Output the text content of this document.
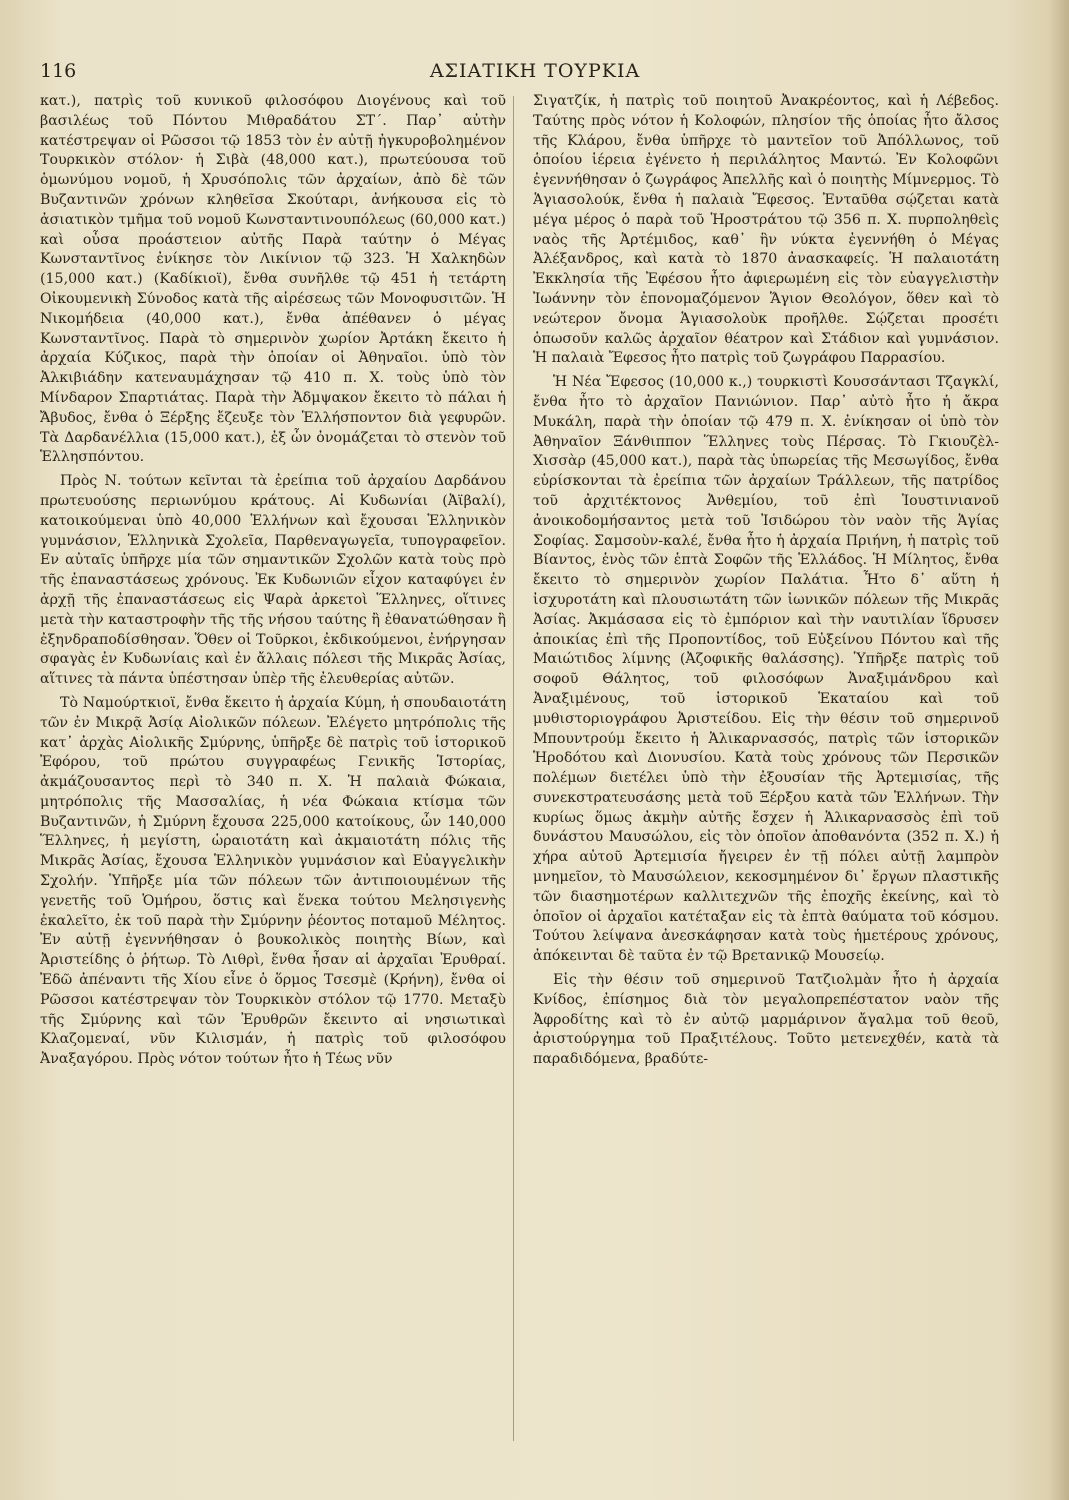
116	ΑΣΙΑΤΙΚΗ ΤΟΥΡΚΙΑ

κατ.), πατρὶς τοῦ κυνικοῦ φιλοσόφου Διογένους καὶ τοῦ βασιλέως τοῦ Πόντου Μιθραδάτου ΣΤ΄. Παρ᾿ αὐτὴν κατέστρεψαν οἱ Ρῶσσοι τῷ 1853 τὸν ἐν αὐτῇ ἠγκυροβολημένον Τουρκικὸν στόλον· ἡ Σιβὰ (48,000 κατ.), πρωτεύουσα τοῦ ὁμωνύμου νομοῦ, ἡ Χρυσόπολις τῶν ἀρχαίων, ἀπὸ δὲ τῶν Βυζαντινῶν χρόνων κληθεῖσα Σκούταρι, ἀνήκουσα εἰς τὸ ἀσιατικὸν τμῆμα τοῦ νομοῦ Κωνσταντινουπόλεως (60,000 κατ.) καὶ οὖσα προάστειον αὐτῆς Παρὰ ταύτην ὁ Μέγας Κωνσταντῖνος ἐνίκησε τὸν Λικίνιον τῷ 323. Ἡ Χαλκηδὼν (15,000 κατ.) (Καδίκιοϊ), ἔνθα συνῆλθε τῷ 451 ἡ τετάρτη Οἰκουμενικὴ Σύνοδος κατὰ τῆς αἱρέσεως τῶν Μονοφυσιτῶν. Ἡ Νικομήδεια (40,000 κατ.), ἔνθα ἀπέθανεν ὁ μέγας Κωνσταντῖνος. Παρὰ τὸ σημερινὸν χωρίον Ἀρτάκη ἔκειτο ἡ ἀρχαία Κύζικος, παρὰ τὴν ὁποίαν οἱ Ἀθηναῖοι. ὑπὸ τὸν Ἀλκιβιάδην κατεναυμάχησαν τῷ 410 π. Χ. τοὺς ὑπὸ τὸν Μίνδαρον Σπαρτιάτας. Παρὰ τὴν Ἀδμψακον ἔκειτο τὸ πάλαι ἡ Ἄβυδος, ἔνθα ὁ Ξέρξης ἔζευξε τὸν Ἑλλήσποντον διὰ γεφυρῶν. Τὰ Δαρδανέλλια (15,000 κατ.), ἐξ ὧν ὀνομάζεται τὸ στενὸν τοῦ Ἑλλησπόντου.

Πρὸς Ν. τούτων κεῖνται τὰ ἐρείπια τοῦ ἀρχαίου Δαρδάνου πρωτευούσης περιωνύμου κράτους. Αἱ Κυδωνίαι (Ἀϊβαλί), κατοικούμεναι ὑπὸ 40,000 Ἑλλήνων καὶ ἔχουσαι Ἑλληνικὸν γυμνάσιον, Ἑλληνικὰ Σχολεῖα, Παρθεναγωγεῖα, τυπογραφεῖον. Εν αὐταῖς ὑπῆρχε μία τῶν σημαντικῶν Σχολῶν κατὰ τοὺς πρὸ τῆς ἐπαναστάσεως χρόνους. Ἐκ Κυδωνιῶν εἶχον καταφύγει ἐν ἀρχῇ τῆς ἐπαναστάσεως εἰς Ψαρὰ ἀρκετοὶ Ἕλληνες, οἵτινες μετὰ τὴν καταστροφὴν τῆς τῆς νήσου ταύτης ἢ ἐθανατώθησαν ἢ ἐξηνδραποδίσθησαν. Ὅθεν οἱ Τοῦρκοι, ἐκδικούμενοι, ἐνήργησαν σφαγὰς ἐν Κυδωνίαις καὶ ἐν ἄλλαις πόλεσι τῆς Μικρᾶς Ἀσίας, αἵτινες τὰ πάντα ὑπέστησαν ὑπὲρ τῆς ἐλευθερίας αὐτῶν.

Τὸ Ναμούρτκιοϊ, ἔνθα ἔκειτο ἡ ἀρχαία Κύμη, ἡ σπουδαιοτάτη τῶν ἐν Μικρᾷ Ἀσίᾳ Αἰολικῶν πόλεων. Ἐλέγετο μητρόπολις τῆς κατ᾿ ἀρχὰς Αἰολικῆς Σμύρνης, ὑπῆρξε δὲ πατρὶς τοῦ ἱστορικοῦ Ἐφόρου, τοῦ πρώτου συγγραφέως Γενικῆς Ἱστορίας, ἀκμάζουσαντος περὶ τὸ 340 π. Χ. Ἡ παλαιὰ Φώκαια, μητρόπολις τῆς Μασσαλίας, ἡ νέα Φώκαια κτίσμα τῶν Βυζαντινῶν, ἡ Σμύρνη ἔχουσα 225,000 κατοίκους, ὧν 140,000 Ἕλληνες, ἡ μεγίστη, ὡραιοτάτη καὶ ἀκμαιοτάτη πόλις τῆς Μικρᾶς Ἀσίας, ἔχουσα Ἑλληνικὸν γυμνάσιον καὶ Εὐαγγελικὴν Σχολήν. Ὑπῆρξε μία τῶν πόλεων τῶν ἀντιποιουμένων τῆς γενετῆς τοῦ Ὁμήρου, ὅστις καὶ ἕνεκα τούτου Μελησιγενὴς ἐκαλεῖτο, ἐκ τοῦ παρὰ τὴν Σμύρνην ῥέοντος ποταμοῦ Μέλητος. Ἐν αὐτῇ ἐγεννήθησαν ὁ βουκολικὸς ποιητὴς Βίων, καὶ Ἀριστείδης ὁ ῥήτωρ. Τὸ Λιθρὶ, ἔνθα ἦσαν αἱ ἀρχαῖαι Ἐρυθραί. Ἐδῶ ἀπέναντι τῆς Χίου εἶνε ὁ ὅρμος Τσεσμὲ (Κρήνη), ἔνθα οἱ Ρῶσσοι κατέστρεψαν τὸν Τουρκικὸν στόλον τῷ 1770. Μεταξὺ τῆς Σμύρνης καὶ τῶν Ἐρυθρῶν ἔκειντο αἱ νησιωτικαὶ Κλαζομεναί, νῦν Κιλισμάν, ἡ πατρὶς τοῦ φιλοσόφου Ἀναξαγόρου. Πρὸς νότον τούτων ἦτο ἡ Τέως νῦν

Σιγατζίκ, ἡ πατρὶς τοῦ ποιητοῦ Ἀνακρέοντος, καὶ ἡ Λέβεδος. Ταύτης πρὸς νότον ἡ Κολοφών, πλησίον τῆς ὁποίας ἦτο ἄλσος τῆς Κλάρου, ἔνθα ὑπῆρχε τὸ μαντεῖον τοῦ Ἀπόλλωνος, τοῦ ὁποίου ἱέρεια ἐγένετο ἡ περιλάλητος Μαντώ. Ἐν Κολοφῶνι ἐγεννήθησαν ὁ ζωγράφος Ἀπελλῆς καὶ ὁ ποιητὴς Μίμνερμος. Τὸ Ἁγιασολούκ, ἔνθα ἡ παλαιὰ Ἔφεσος. Ἐνταῦθα σῴζεται κατὰ μέγα μέρος ὁ παρὰ τοῦ Ἡροστράτου τῷ 356 π. Χ. πυρποληθεὶς ναὸς τῆς Ἀρτέμιδος, καθ᾿ ἣν νύκτα ἐγεννήθη ὁ Μέγας Ἀλέξανδρος, καὶ κατὰ τὸ 1870 ἀνασκαφείς. Ἡ παλαιοτάτη Ἐκκλησία τῆς Ἐφέσου ἦτο ἀφιερωμένη εἰς τὸν εὐαγγελιστὴν Ἰωάννην τὸν ἐπονομαζόμενον Ἅγιον Θεολόγον, ὅθεν καὶ τὸ νεώτερον ὄνομα Ἁγιασολοὺκ προῆλθε. Σῴζεται προσέτι ὁπωσοῦν καλῶς ἀρχαῖον θέατρον καὶ Στάδιον καὶ γυμνάσιον. Ἡ παλαιὰ Ἔφεσος ἦτο πατρὶς τοῦ ζωγράφου Παρρασίου.

Ἡ Νέα Ἔφεσος (10,000 κ.,) τουρκιστὶ Κουσσάντασι Τζαγκλί, ἔνθα ἦτο τὸ ἀρχαῖον Πανιώνιον. Παρ᾿ αὐτὸ ἦτο ἡ ἄκρα Μυκάλη, παρὰ τὴν ὁποίαν τῷ 479 π. Χ. ἐνίκησαν οἱ ὑπὸ τὸν Ἀθηναῖον Ξάνθιππον Ἕλληνες τοὺς Πέρσας. Τὸ Γκιουζὲλ-Χισσὰρ (45,000 κατ.), παρὰ τὰς ὑπωρείας τῆς Μεσωγίδος, ἔνθα εὑρίσκονται τὰ ἐρείπια τῶν ἀρχαίων Τράλλεων, τῆς πατρίδος τοῦ ἀρχιτέκτονος Ἀνθεμίου, τοῦ ἐπὶ Ἰουστινιανοῦ ἀνοικοδομήσαντος μετὰ τοῦ Ἰσιδώρου τὸν ναὸν τῆς Ἁγίας Σοφίας. Σαμσοὺν-καλέ, ἔνθα ἦτο ἡ ἀρχαία Πριήνη, ἡ πατρὶς τοῦ Βίαντος, ἑνὸς τῶν ἑπτὰ Σοφῶν τῆς Ἑλλάδος. Ἡ Μίλητος, ἔνθα ἔκειτο τὸ σημερινὸν χωρίον Παλάτια. Ἦτο δ᾿ αὕτη ἡ ἰσχυροτάτη καὶ πλουσιωτάτη τῶν ἰωνικῶν πόλεων τῆς Μικρᾶς Ἀσίας. Ἀκμάσασα εἰς τὸ ἐμπόριον καὶ τὴν ναυτιλίαν ἵδρυσεν ἀποικίας ἐπὶ τῆς Προποντίδος, τοῦ Εὐξείνου Πόντου καὶ τῆς Μαιώτιδος λίμνης (Ἀζοφικῆς θαλάσσης). Ὑπῆρξε πατρὶς τοῦ σοφοῦ Θάλητος, τοῦ φιλοσόφων Ἀναξιμάνδρου καὶ Ἀναξιμένους, τοῦ ἱστορικοῦ Ἑκαταίου καὶ τοῦ μυθιστοριογράφου Ἀριστείδου. Εἰς τὴν θέσιν τοῦ σημερινοῦ Μπουντρούμ ἔκειτο ἡ Ἁλικαρνασσός, πατρὶς τῶν ἱστορικῶν Ἡροδότου καὶ Διονυσίου. Κατὰ τοὺς χρόνους τῶν Περσικῶν πολέμων διετέλει ὑπὸ τὴν ἐξουσίαν τῆς Ἀρτεμισίας, τῆς συνεκστρατευσάσης μετὰ τοῦ Ξέρξου κατὰ τῶν Ἑλλήνων. Τὴν κυρίως ὅμως ἀκμὴν αὐτῆς ἔσχεν ἡ Ἁλικαρνασσὸς ἐπὶ τοῦ δυνάστου Μαυσώλου, εἰς τὸν ὁποῖον ἀποθανόντα (352 π. Χ.) ἡ χήρα αὐτοῦ Ἀρτεμισία ἤγειρεν ἐν τῇ πόλει αὐτῇ λαμπρὸν μνημεῖον, τὸ Μαυσώλειον, κεκοσμημένον δι᾿ ἔργων πλαστικῆς τῶν διασημοτέρων καλλιτεχνῶν τῆς ἐποχῆς ἐκείνης, καὶ τὸ ὁποῖον οἱ ἀρχαῖοι κατέταξαν εἰς τὰ ἑπτὰ θαύματα τοῦ κόσμου. Τούτου λείψανα ἀνεσκάφησαν κατὰ τοὺς ἡμετέρους χρόνους, ἀπόκεινται δὲ ταῦτα ἐν τῷ Βρετανικῷ Μουσείῳ.

Εἰς τὴν θέσιν τοῦ σημερινοῦ Τατζιολμὰν ἦτο ἡ ἀρχαία Κνίδος, ἐπίσημος διὰ τὸν μεγαλοπρεπέστατον ναὸν τῆς Ἀφροδίτης καὶ τὸ ἐν αὐτῷ μαρμάρινον ἄγαλμα τοῦ θεοῦ, ἀριστούργημα τοῦ Πραξιτέλους. Τοῦτο μετενεχθέν, κατὰ τὰ παραδιδόμενα, βραδύτε-
